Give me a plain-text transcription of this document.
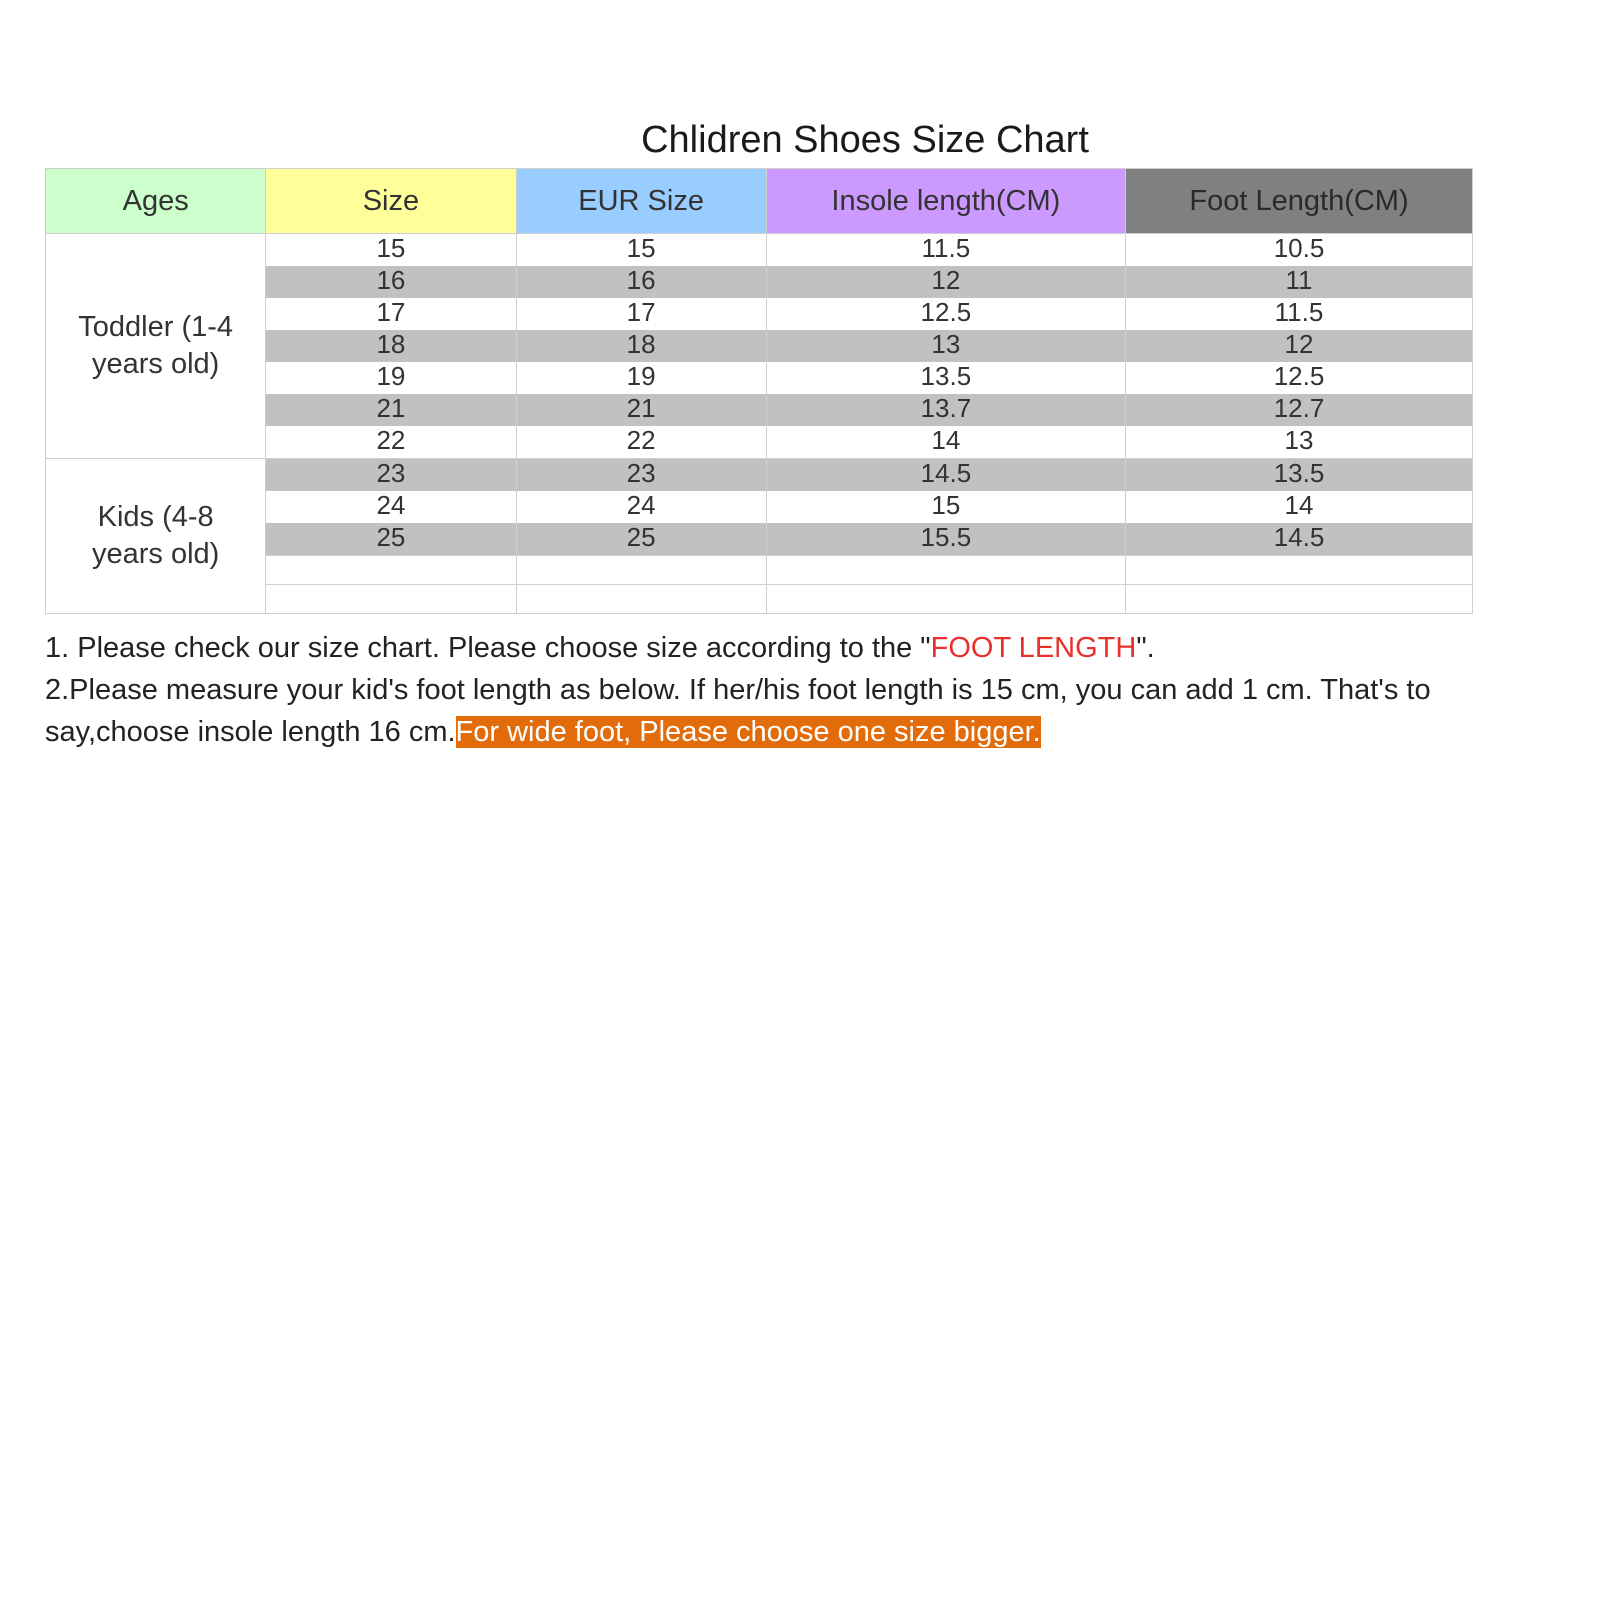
Chlidren Shoes Size Chart
Ages	Size	EUR Size	Insole length(CM)	Foot Length(CM)
Toddler (1-4 years old)	15	15	11.5	10.5
	16	16	12	11
	17	17	12.5	11.5
	18	18	13	12
	19	19	13.5	12.5
	21	21	13.7	12.7
	22	22	14	13
Kids (4-8 years old)	23	23	14.5	13.5
	24	24	15	14
	25	25	15.5	14.5

1. Please check our size chart. Please choose size according to the "FOOT LENGTH".

2.Please measure your kid's foot length as below. If her/his foot length is 15 cm, you can add 1 cm. That's to say,choose insole length 16 cm.For wide foot, Please choose one size bigger.
